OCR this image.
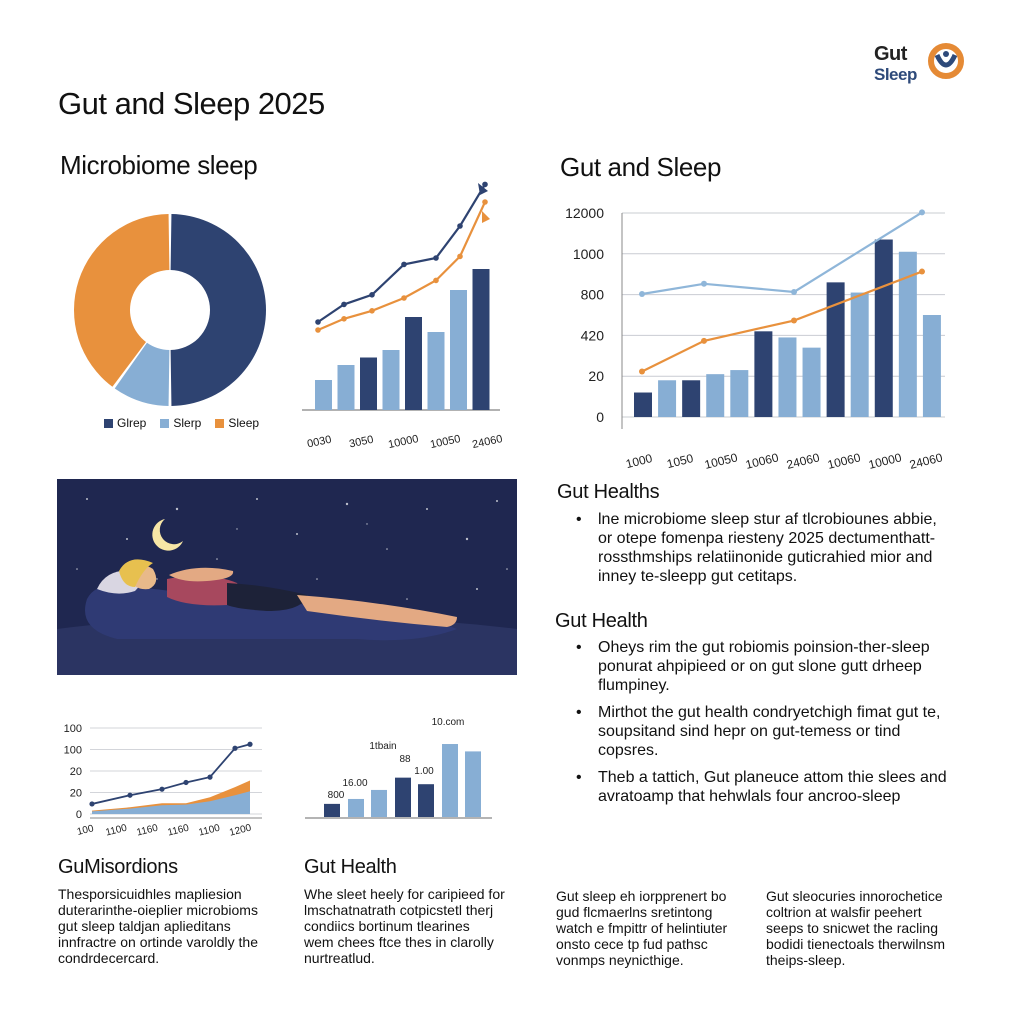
Gut
Sleep
Gut and Sleep 2025
Microbiome sleep
Glrep	Slerp	Sleep
0030 3050 10000 10050 24060
Gut and Sleep
12000
1000
800
420
20
0
1000 1050 10050 10060 24060 10060 10000 24060
Gut Healths
• lne microbiome sleep stur af tlcrobiounes abbie,
or otepe fomenpa riesteny 2025 dectumenthatt-
rossthmships relatiinonide guticrahied mior and
inney te-sleepp gut cetitaps.
Gut Health
• Oheys rim the gut robiomis poinsion-ther-sleep
ponurat ahpipieed or on gut slone gutt drheep
flumpiney.
• Mirthot the gut health condryetchigh fimat gut te,
soupsitand sind hepr on gut-temess or tind
copsres.
• Theb a tattich, Gut planeuce attom thie slees and
avratoamp that hehwlals four ancroo-sleep
100
100
20
20
0
100 1100 1160 1160 1100 1200
800
16.00
1tbain
88
1.00
10.com
GuMisordions
Thesporsicuidhles mapliesion
duterarinthe-oieplier microbioms
gut sleep taldjan aplieditans
innfractre on ortinde varoldly the
condrdecercard.
Gut Health
Whe sleet heely for caripieed for
lmschatnatrath cotpicstetl therj
condiics bortinum tlearines
wem chees ftce thes in clarolly
nurtreatlud.
Gut sleep eh iorpprenert bo
gud flcmaerlns sretintong
watch e fmpittr of helintiuter
onsto cece tp fud pathsc
vonmps neynicthige.
Gut sleocuries innorochetice
coltrion at walsfir peehert
seeps to snicwet the racling
bodidi tienectoals therwilnsm
theips-sleep.
